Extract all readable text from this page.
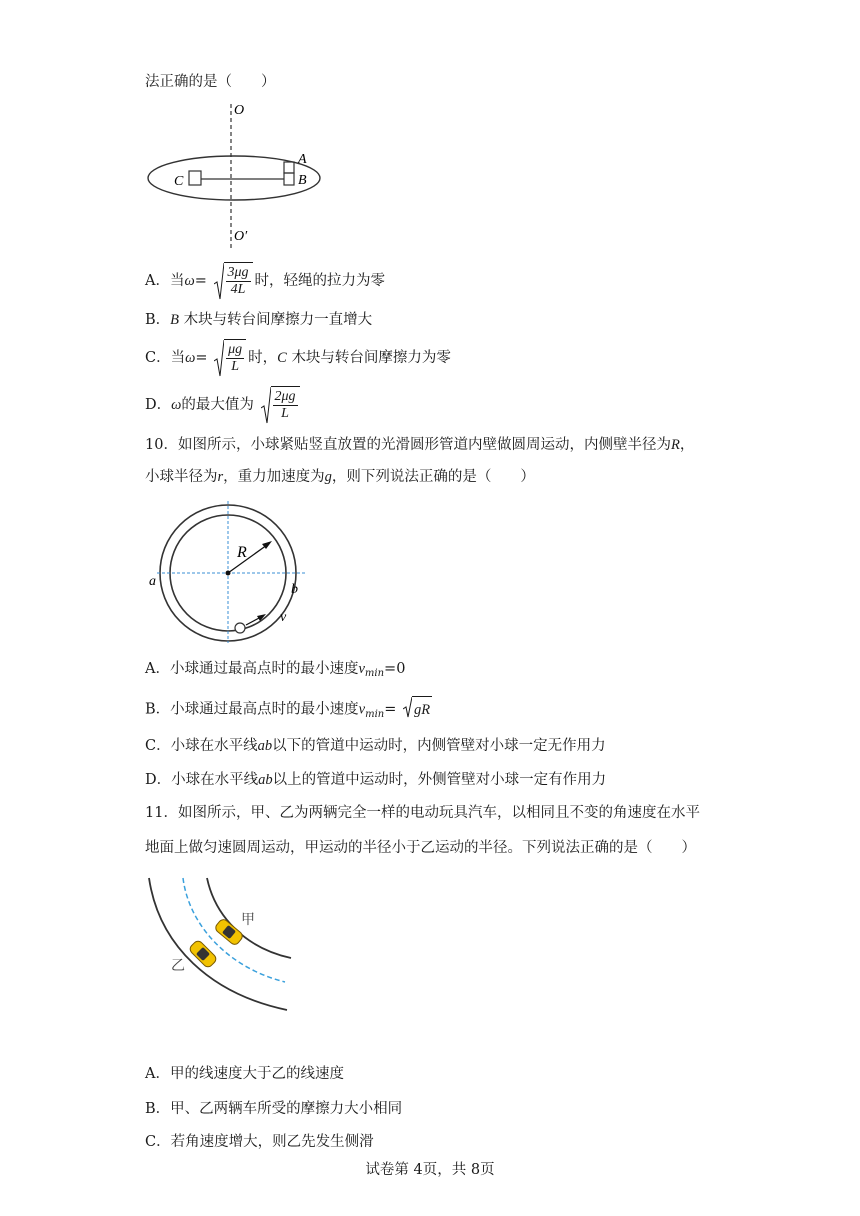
法正确的是（　　）
O
O′
C
A
B
A．当$\omega= \frac{3\mu g}{4L}$ 时，轻绳的拉力为零
B．B 木块与转台间摩擦力一直增大
C．当$\omega= \frac{\mu g}{L}$ 时，C 木块与转台间摩擦力为零
D．ω的最大值为 $\frac{2\mu g}{L}$
10．如图所示，小球紧贴竖直放置的光滑圆形管道内壁做圆周运动，内侧壁半径为R，
小球半径为r，重力加速度为g，则下列说法正确的是（　　）
R
a
b
v
A．小球通过最高点时的最小速度$v_{min}=0$
B．小球通过最高点时的最小速度$v_{min}=$ gR
C．小球在水平线ab以下的管道中运动时，内侧管壁对小球一定无作用力
D．小球在水平线ab以上的管道中运动时，外侧管壁对小球一定有作用力
11．如图所示，甲、乙为两辆完全一样的电动玩具汽车，以相同且不变的角速度在水平
地面上做匀速圆周运动，甲运动的半径小于乙运动的半径。下列说法正确的是（　　）
甲
乙
A．甲的线速度大于乙的线速度
B．甲、乙两辆车所受的摩擦力大小相同
C．若角速度增大，则乙先发生侧滑
试卷第 4页，共 8页
